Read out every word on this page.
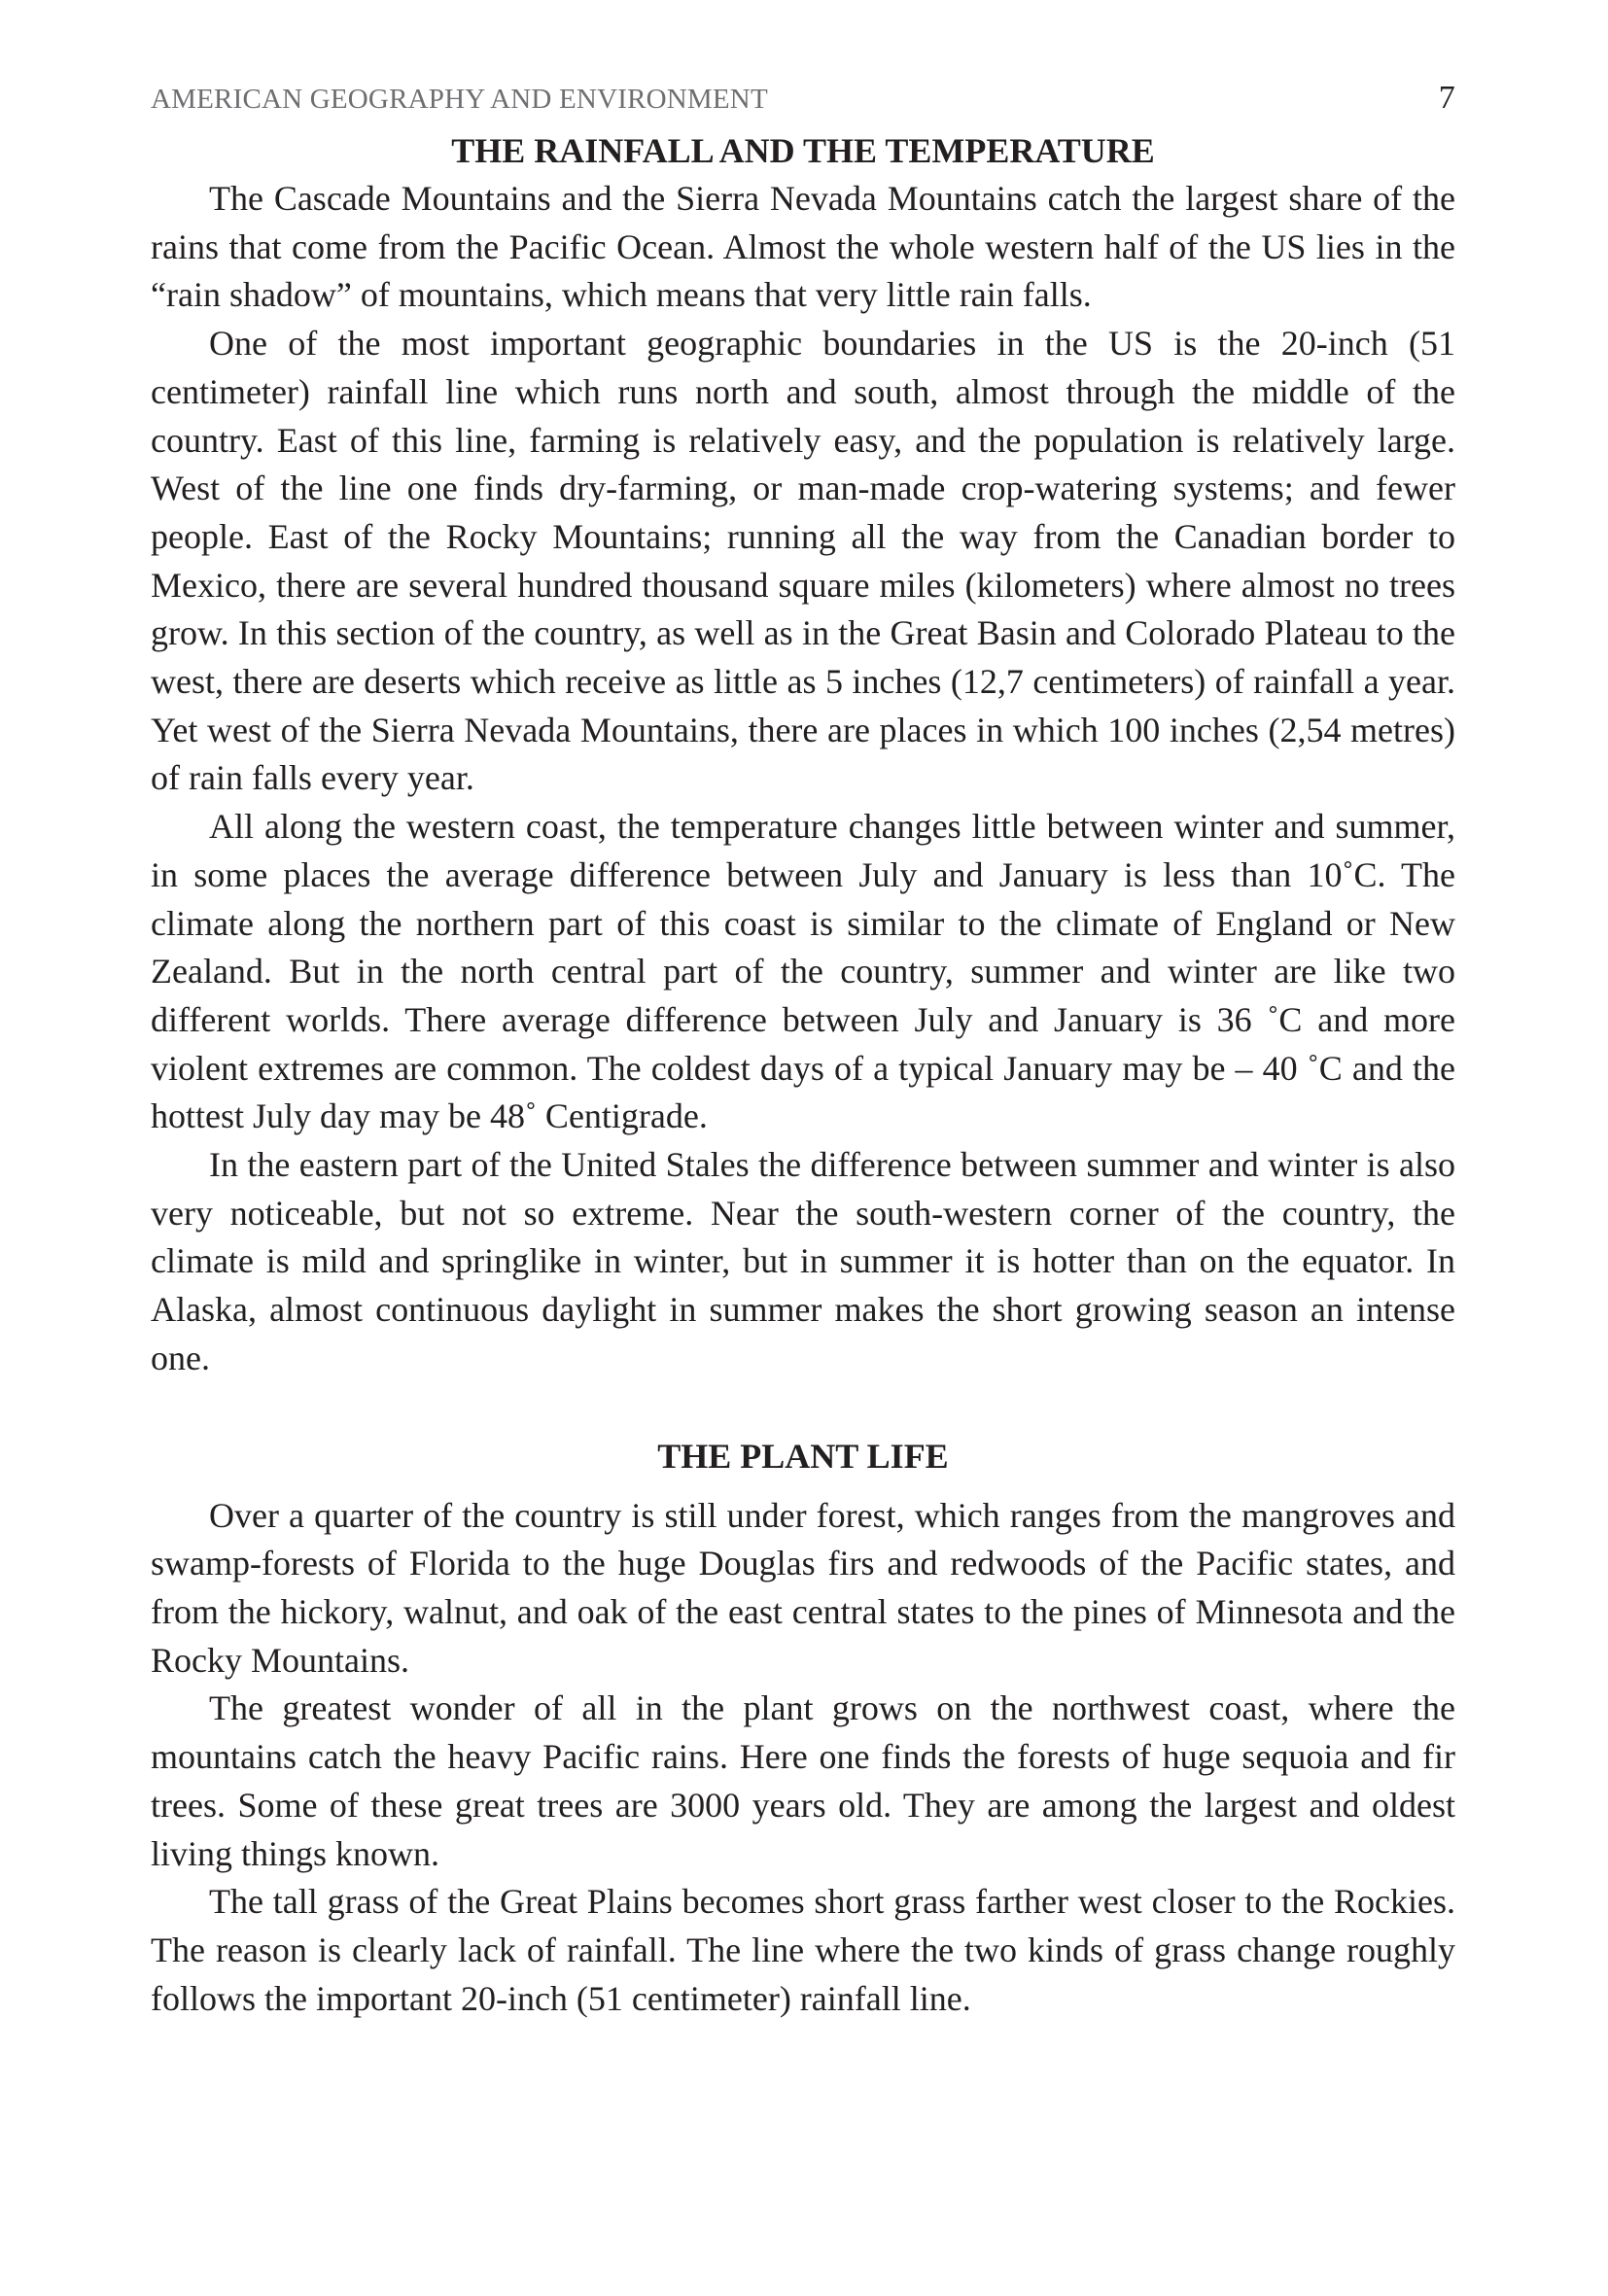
AMERICAN GEOGRAPHY AND ENVIRONMENT	7
THE RAINFALL AND THE TEMPERATURE

The Cascade Mountains and the Sierra Nevada Mountains catch the largest share of the rains that come from the Pacific Ocean. Almost the whole western half of the US lies in the “rain shadow” of mountains, which means that very little rain falls.

One of the most important geographic boundaries in the US is the 20-inch (51 centimeter) rainfall line which runs north and south, almost through the middle of the country. East of this line, farming is relatively easy, and the population is relatively large. West of the line one finds dry-farming, or man-made crop-watering systems; and fewer people. East of the Rocky Mountains; running all the way from the Canadian border to Mexico, there are several hundred thousand square miles (kilometers) where almost no trees grow. In this section of the country, as well as in the Great Basin and Colorado Plateau to the west, there are deserts which receive as little as 5 inches (12,7 centimeters) of rainfall a year. Yet west of the Sierra Nevada Mountains, there are places in which 100 inches (2,54 metres) of rain falls every year.

All along the western coast, the temperature changes little between winter and summer, in some places the average difference between July and January is less than 10˚C. The climate along the northern part of this coast is similar to the climate of England or New Zealand. But in the north central part of the country, summer and winter are like two different worlds. There average difference between July and January is 36 ˚C and more violent extremes are common. The coldest days of a typical January may be – 40 ˚C and the hottest July day may be 48˚ Centigrade.

In the eastern part of the United Stales the difference between summer and winter is also very noticeable, but not so extreme. Near the south-western corner of the country, the climate is mild and springlike in winter, but in summer it is hotter than on the equator. In Alaska, almost continuous daylight in summer makes the short growing season an intense one.

THE PLANT LIFE

Over a quarter of the country is still under forest, which ranges from the mangroves and swamp-forests of Florida to the huge Douglas firs and redwoods of the Pacific states, and from the hickory, walnut, and oak of the east central states to the pines of Minnesota and the Rocky Mountains.

The greatest wonder of all in the plant grows on the northwest coast, where the mountains catch the heavy Pacific rains. Here one finds the forests of huge sequoia and fir trees. Some of these great trees are 3000 years old. They are among the largest and oldest living things known.

The tall grass of the Great Plains becomes short grass farther west closer to the Rockies. The reason is clearly lack of rainfall. The line where the two kinds of grass change roughly follows the important 20-inch (51 centimeter) rainfall line.
